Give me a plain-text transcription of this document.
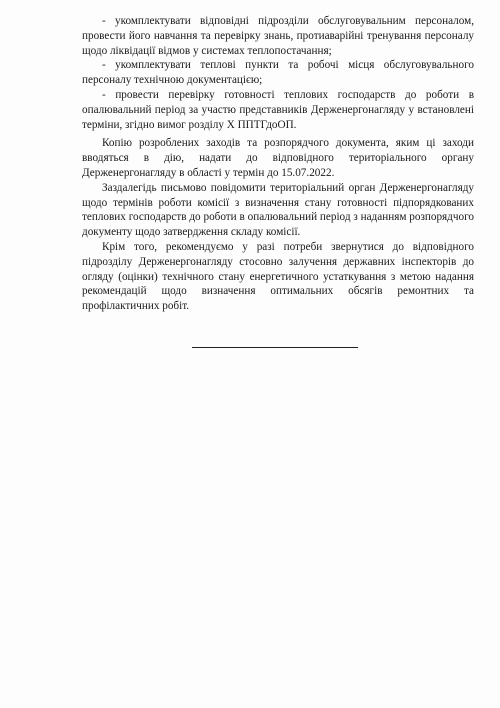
- укомплектувати відповідні підрозділи обслуговувальним персоналом, провести його навчання та перевірку знань, протиаварійні тренування персоналу щодо ліквідації відмов у системах теплопостачання;

- укомплектувати теплові пункти та робочі місця обслуговувального персоналу технічною документацією;

- провести перевірку готовності теплових господарств до роботи в опалювальний період за участю представників Держенергонагляду у встановлені терміни, згідно вимог розділу X ППТГдоОП.

Копію розроблених заходів та розпорядчого документа, яким ці заходи вводяться в дію, надати до відповідного територіального органу Держенергонагляду в області у термін до 15.07.2022.

Заздалегідь письмово повідомити територіальний орган Держенергонагляду щодо термінів роботи комісії з визначення стану готовності підпорядкованих теплових господарств до роботи в опалювальний період з наданням розпорядчого документу щодо затвердження складу комісії.

Крім того, рекомендуємо у разі потреби звернутися до відповідного підрозділу Держенергонагляду стосовно залучення державних інспекторів до огляду (оцінки) технічного стану енергетичного устаткування з метою надання рекомендацій щодо визначення оптимальних обсягів ремонтних та профілактичних робіт.
